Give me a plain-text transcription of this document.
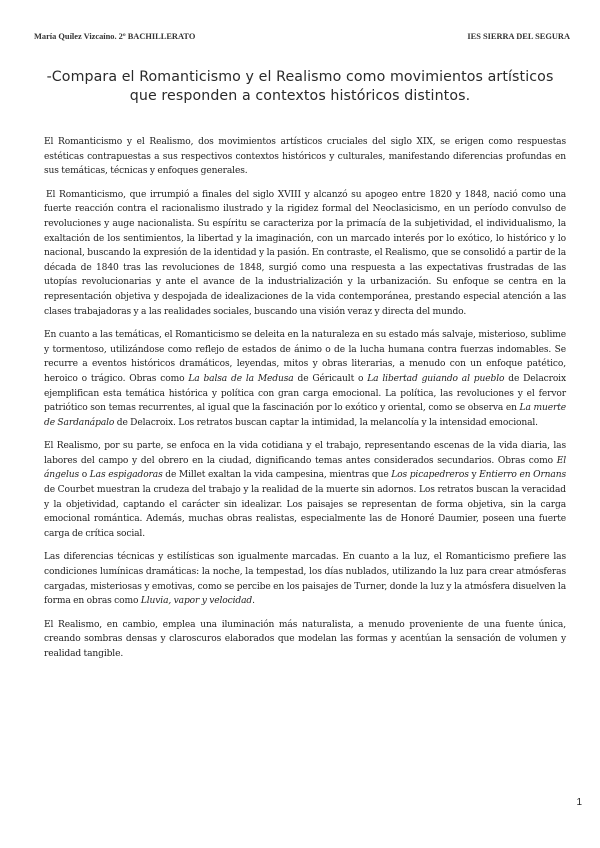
María Quílez Vizcaíno. 2º BACHILLERATO	IES SIERRA DEL SEGURA
-Compara el Romanticismo y el Realismo como movimientos artísticos
que responden a contextos históricos distintos.

El Romanticismo y el Realismo, dos movimientos artísticos cruciales del siglo XIX, se erigen como respuestas estéticas contrapuestas a sus respectivos contextos históricos y culturales, manifestando diferencias profundas en sus temáticas, técnicas y enfoques generales.

El Romanticismo, que irrumpió a finales del siglo XVIII y alcanzó su apogeo entre 1820 y 1848, nació como una fuerte reacción contra el racionalismo ilustrado y la rigidez formal del Neoclasicismo, en un período convulso de revoluciones y auge nacionalista. Su espíritu se caracteriza por la primacía de la subjetividad, el individualismo, la exaltación de los sentimientos, la libertad y la imaginación, con un marcado interés por lo exótico, lo histórico y lo nacional, buscando la expresión de la identidad y la pasión. En contraste, el Realismo, que se consolidó a partir de la década de 1840 tras las revoluciones de 1848, surgió como una respuesta a las expectativas frustradas de las utopías revolucionarias y ante el avance de la industrialización y la urbanización. Su enfoque se centra en la representación objetiva y despojada de idealizaciones de la vida contemporánea, prestando especial atención a las clases trabajadoras y a las realidades sociales, buscando una visión veraz y directa del mundo.

En cuanto a las temáticas, el Romanticismo se deleita en la naturaleza en su estado más salvaje, misterioso, sublime y tormentoso, utilizándose como reflejo de estados de ánimo o de la lucha humana contra fuerzas indomables. Se recurre a eventos históricos dramáticos, leyendas, mitos y obras literarias, a menudo con un enfoque patético, heroico o trágico. Obras como La balsa de la Medusa de Géricault o La libertad guiando al pueblo de Delacroix ejemplifican esta temática histórica y política con gran carga emocional. La política, las revoluciones y el fervor patriótico son temas recurrentes, al igual que la fascinación por lo exótico y oriental, como se observa en La muerte de Sardanápalo de Delacroix. Los retratos buscan captar la intimidad, la melancolía y la intensidad emocional.

El Realismo, por su parte, se enfoca en la vida cotidiana y el trabajo, representando escenas de la vida diaria, las labores del campo y del obrero en la ciudad, dignificando temas antes considerados secundarios. Obras como El ángelus o Las espigadoras de Millet exaltan la vida campesina, mientras que Los picapedreros y Entierro en Ornans de Courbet muestran la crudeza del trabajo y la realidad de la muerte sin adornos. Los retratos buscan la veracidad y la objetividad, captando el carácter sin idealizar. Los paisajes se representan de forma objetiva, sin la carga emocional romántica. Además, muchas obras realistas, especialmente las de Honoré Daumier, poseen una fuerte carga de crítica social.

Las diferencias técnicas y estilísticas son igualmente marcadas. En cuanto a la luz, el Romanticismo prefiere las condiciones lumínicas dramáticas: la noche, la tempestad, los días nublados, utilizando la luz para crear atmósferas cargadas, misteriosas y emotivas, como se percibe en los paisajes de Turner, donde la luz y la atmósfera disuelven la forma en obras como Lluvia, vapor y velocidad.

El Realismo, en cambio, emplea una iluminación más naturalista, a menudo proveniente de una fuente única, creando sombras densas y claroscuros elaborados que modelan las formas y acentúan la sensación de volumen y realidad tangible.

1
